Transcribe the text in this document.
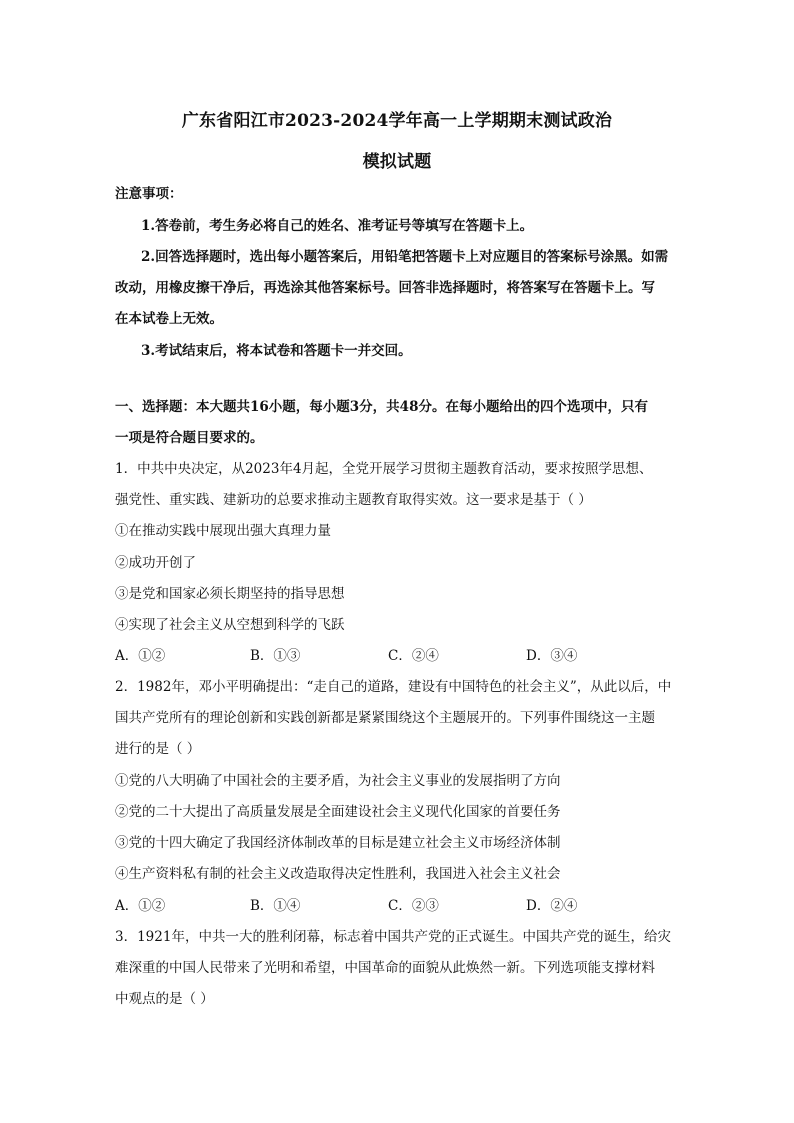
广东省阳江市2023-2024学年高一上学期期末测试政治
模拟试题
注意事项：
1.答卷前，考生务必将自己的姓名、准考证号等填写在答题卡上。
2.回答选择题时，选出每小题答案后，用铅笔把答题卡上对应题目的答案标号涂黑。如需
改动，用橡皮擦干净后，再选涂其他答案标号。回答非选择题时，将答案写在答题卡上。写
在本试卷上无效。
3.考试结束后，将本试卷和答题卡一并交回。
一、选择题：本大题共16小题，每小题3分，共48分。在每小题给出的四个选项中，只有
一项是符合题目要求的。
1．中共中央决定，从2023年4月起，全党开展学习贯彻主题教育活动，要求按照学思想、
强党性、重实践、建新功的总要求推动主题教育取得实效。这一要求是基于（ ）
①在推动实践中展现出强大真理力量
②成功开创了
③是党和国家必须长期坚持的指导思想
④实现了社会主义从空想到科学的飞跃
A．①②	B．①③	C．②④	D．③④
2．1982年，邓小平明确提出：“走自己的道路，建设有中国特色的社会主义”，从此以后，中
国共产党所有的理论创新和实践创新都是紧紧围绕这个主题展开的。下列事件围绕这一主题
进行的是（ ）
①党的八大明确了中国社会的主要矛盾，为社会主义事业的发展指明了方向
②党的二十大提出了高质量发展是全面建设社会主义现代化国家的首要任务
③党的十四大确定了我国经济体制改革的目标是建立社会主义市场经济体制
④生产资料私有制的社会主义改造取得决定性胜利，我国进入社会主义社会
A．①②	B．①④	C．②③	D．②④
3．1921年，中共一大的胜利闭幕，标志着中国共产党的正式诞生。中国共产党的诞生，给灾
难深重的中国人民带来了光明和希望，中国革命的面貌从此焕然一新。下列选项能支撑材料
中观点的是（ ）
